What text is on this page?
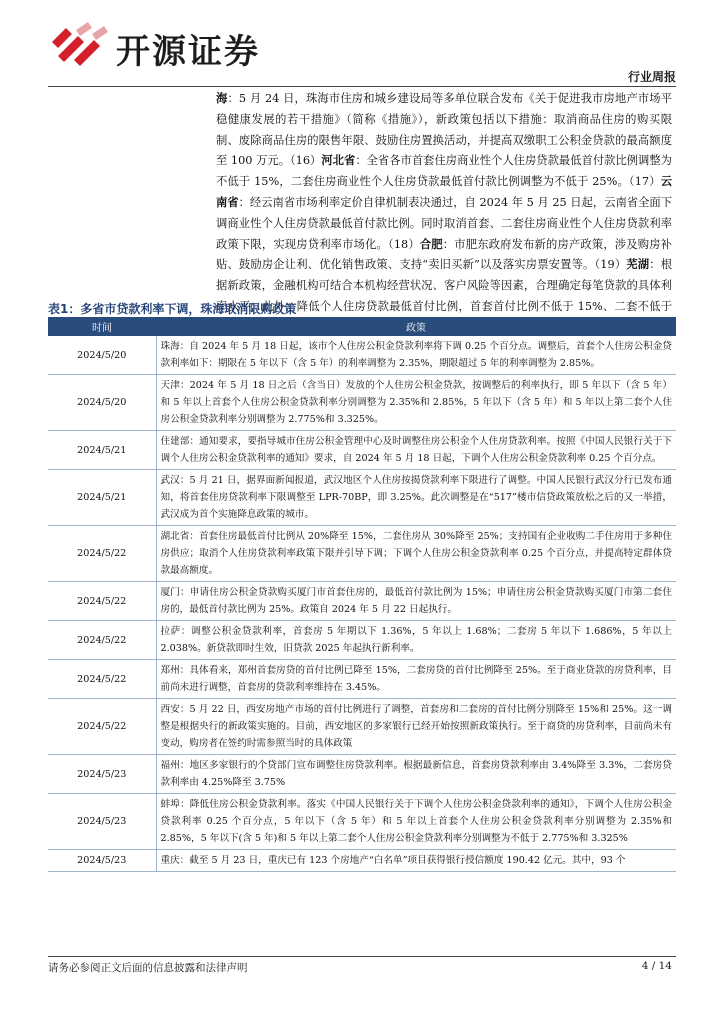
开源证券
行业周报
海：5 月 24 日，珠海市住房和城乡建设局等多单位联合发布《关于促进我市房地产市场平稳健康发展的若干措施》（简称《措施》），新政策包括以下措施：取消商品住房的购买限制、废除商品住房的限售年限、鼓励住房置换活动，并提高双缴职工公积金贷款的最高额度至 100 万元。（16）河北省：全省各市首套住房商业性个人住房贷款最低首付款比例调整为不低于 15%，二套住房商业性个人住房贷款最低首付款比例调整为不低于 25%。（17）云南省：经云南省市场利率定价自律机制表决通过，自 2024 年 5 月 25 日起，云南省全面下调商业性个人住房贷款最低首付款比例。同时取消首套、二套住房商业性个人住房贷款利率政策下限，实现房贷利率市场化。（18）合肥：市肥东政府发布新的房产政策，涉及购房补贴、鼓励房企让利、优化销售政策、支持“卖旧买新”以及落实房票安置等。（19）芜湖：根据新政策，金融机构可结合本机构经营状况、客户风险等因素，合理确定每笔贷款的具体利率水平。此外，降低个人住房贷款最低首付比例，首套首付比例不低于 15%、二套不低于
表1：多省市贷款利率下调，珠海取消限购政策
时间	政策
2024/5/20	珠海：自 2024 年 5 月 18 日起，该市个人住房公积金贷款利率将下调 0.25 个百分点。调整后，首套个人住房公积金贷款利率如下：期限在 5 年以下（含 5 年）的利率调整为 2.35%，期限超过 5 年的利率调整为 2.85%。
2024/5/20	天津：2024 年 5 月 18 日之后（含当日）发放的个人住房公积金贷款，按调整后的利率执行，即 5 年以下（含 5 年）和 5 年以上首套个人住房公积金贷款利率分别调整为 2.35%和 2.85%，5 年以下（含 5 年）和 5 年以上第二套个人住房公积金贷款利率分别调整为 2.775%和 3.325%。
2024/5/21	住建部：通知要求，要指导城市住房公积金管理中心及时调整住房公积金个人住房贷款利率。按照《中国人民银行关于下调个人住房公积金贷款利率的通知》要求，自 2024 年 5 月 18 日起，下调个人住房公积金贷款利率 0.25 个百分点。
2024/5/21	武汉：5 月 21 日，据界面新闻报道，武汉地区个人住房按揭贷款利率下限进行了调整。中国人民银行武汉分行已发布通知，将首套住房贷款利率下限调整至 LPR-70BP，即 3.25%。此次调整是在“517”楼市信贷政策放松之后的又一举措，武汉成为首个实施降息政策的城市。
2024/5/22	湖北省：首套住房最低首付比例从 20%降至 15%，二套住房从 30%降至 25%；支持国有企业收购二手住房用于多种住房供应；取消个人住房贷款利率政策下限并引导下调；下调个人住房公积金贷款利率 0.25 个百分点，并提高特定群体贷款最高额度。
2024/5/22	厦门：申请住房公积金贷款购买厦门市首套住房的，最低首付款比例为 15%；申请住房公积金贷款购买厦门市第二套住房的，最低首付款比例为 25%。政策自 2024 年 5 月 22 日起执行。
2024/5/22	拉萨：调整公积金贷款利率，首套房 5 年期以下 1.36%，5 年以上 1.68%；二套房 5 年以下 1.686%，5 年以上 2.038%。新贷款即时生效，旧贷款 2025 年起执行新利率。
2024/5/22	郑州：具体看来，郑州首套房贷的首付比例已降至 15%，二套房贷的首付比例降至 25%。至于商业贷款的房贷利率，目前尚未进行调整，首套房的贷款利率维持在 3.45%。
2024/5/22	西安：5 月 22 日，西安房地产市场的首付比例进行了调整，首套房和二套房的首付比例分别降至 15%和 25%。这一调整是根据央行的新政策实施的。目前，西安地区的多家银行已经开始按照新政策执行。至于商贷的房贷利率，目前尚未有变动，购房者在签约时需参照当时的具体政策
2024/5/23	福州：地区多家银行的个贷部门宣布调整住房贷款利率。根据最新信息，首套房贷款利率由 3.4%降至 3.3%，二套房贷款利率由 4.25%降至 3.75%
2024/5/23	蚌埠：降低住房公积金贷款利率。落实《中国人民银行关于下调个人住房公积金贷款利率的通知》，下调个人住房公积金贷款利率 0.25 个百分点，5 年以下（含 5 年）和 5 年以上首套个人住房公积金贷款利率分别调整为 2.35%和 2.85%，5 年以下(含 5 年)和 5 年以上第二套个人住房公积金贷款利率分别调整为不低于 2.775%和 3.325%
2024/5/23	重庆：截至 5 月 23 日，重庆已有 123 个房地产“白名单”项目获得银行授信额度 190.42 亿元。其中，93 个
请务必参阅正文后面的信息披露和法律声明	4 / 14
